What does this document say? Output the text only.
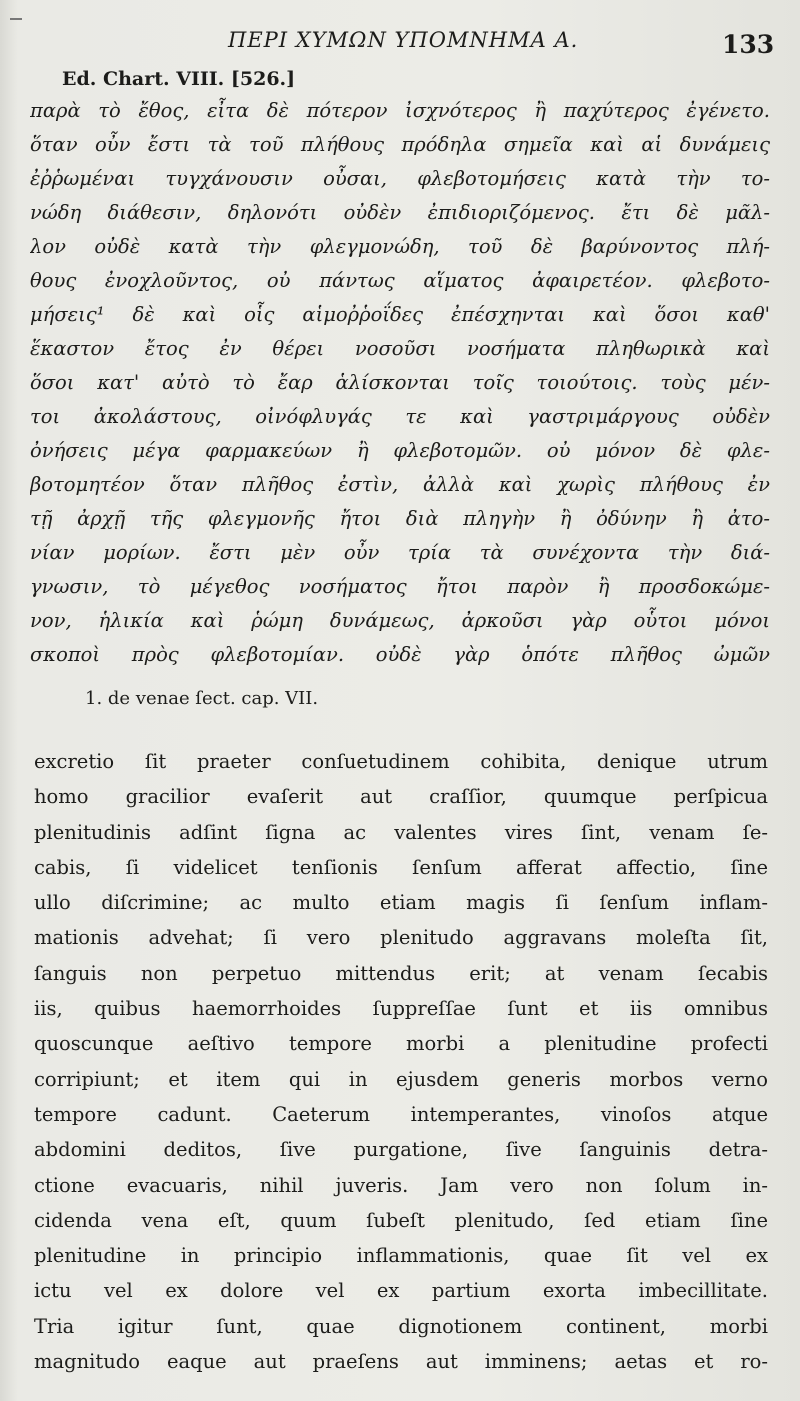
ΠΕΡΙ ΧΥΜΩΝ ΥΠΟΜΝΗΜΑ Α.	133
Ed. Chart. VIII. [526.]
παρὰ τὸ ἔθος, εἶτα δὲ πότερον ἰσχνότερος ἢ παχύτερος ἐγένετο.
ὅταν οὖν ἔστι τὰ τοῦ πλήθους πρόδηλα σημεῖα καὶ αἱ δυνάμεις
ἐῤῥωμέναι τυγχάνουσιν οὖσαι, φλεβοτομήσεις κατὰ τὴν το-
νώδη διάθεσιν, δηλονότι οὐδὲν ἐπιδιοριζόμενος. ἔτι δὲ μᾶλ-
λον οὐδὲ κατὰ τὴν φλεγμονώδη, τοῦ δὲ βαρύνοντος πλή-
θους ἐνοχλοῦντος, οὐ πάντως αἵματος ἀφαιρετέον. φλεβοτο-
μήσεις¹ δὲ καὶ οἷς αἱμοῤῥοΐδες ἐπέσχηνται καὶ ὅσοι καθ'
ἕκαστον ἔτος ἐν θέρει νοσοῦσι νοσήματα πληθωρικὰ καὶ
ὅσοι κατ' αὐτὸ τὸ ἔαρ ἁλίσκονται τοῖς τοιούτοις. τοὺς μέν-
τοι ἀκολάστους, οἰνόφλυγάς τε καὶ γαστριμάργους οὐδὲν
ὀνήσεις μέγα φαρμακεύων ἢ φλεβοτομῶν. οὐ μόνον δὲ φλε-
βοτομητέον ὅταν πλῆθος ἐστὶν, ἀλλὰ καὶ χωρὶς πλήθους ἐν
τῇ ἀρχῇ τῆς φλεγμονῆς ἤτοι διὰ πληγὴν ἢ ὀδύνην ἢ ἀτο-
νίαν μορίων. ἔστι μὲν οὖν τρία τὰ συνέχοντα τὴν διά-
γνωσιν, τὸ μέγεθος νοσήματος ἤτοι παρὸν ἢ προσδοκώμε-
νον, ἡλικία καὶ ῥώμη δυνάμεως, ἀρκοῦσι γὰρ οὗτοι μόνοι
σκοποὶ πρὸς φλεβοτομίαν. οὐδὲ γὰρ ὁπότε πλῆθος ὠμῶν
1. de venae ſect. cap. VII.
excretio ſit praeter conſuetudinem cohibita, denique utrum
homo gracilior evaſerit aut craſſior, quumque perſpicua
plenitudinis adſint ſigna ac valentes vires ſint, venam ſe-
cabis, ſi videlicet tenſionis ſenſum afferat affectio, ſine
ullo diſcrimine; ac multo etiam magis ſi ſenſum inflam-
mationis advehat; ſi vero plenitudo aggravans moleſta ſit,
ſanguis non perpetuo mittendus erit; at venam ſecabis
iis, quibus haemorrhoides ſuppreſſae ſunt et iis omnibus
quoscunque aeſtivo tempore morbi a plenitudine profecti
corripiunt; et item qui in ejusdem generis morbos verno
tempore cadunt. Caeterum intemperantes, vinoſos atque
abdomini deditos, ſive purgatione, ſive ſanguinis detra-
ctione evacuaris, nihil juveris. Jam vero non ſolum in-
cidenda vena eſt, quum ſubeſt plenitudo, ſed etiam ſine
plenitudine in principio inflammationis, quae ſit vel ex
ictu vel ex dolore vel ex partium exorta imbecillitate.
Tria igitur ſunt, quae dignotionem continent, morbi
magnitudo eaque aut praeſens aut imminens; aetas et ro-
